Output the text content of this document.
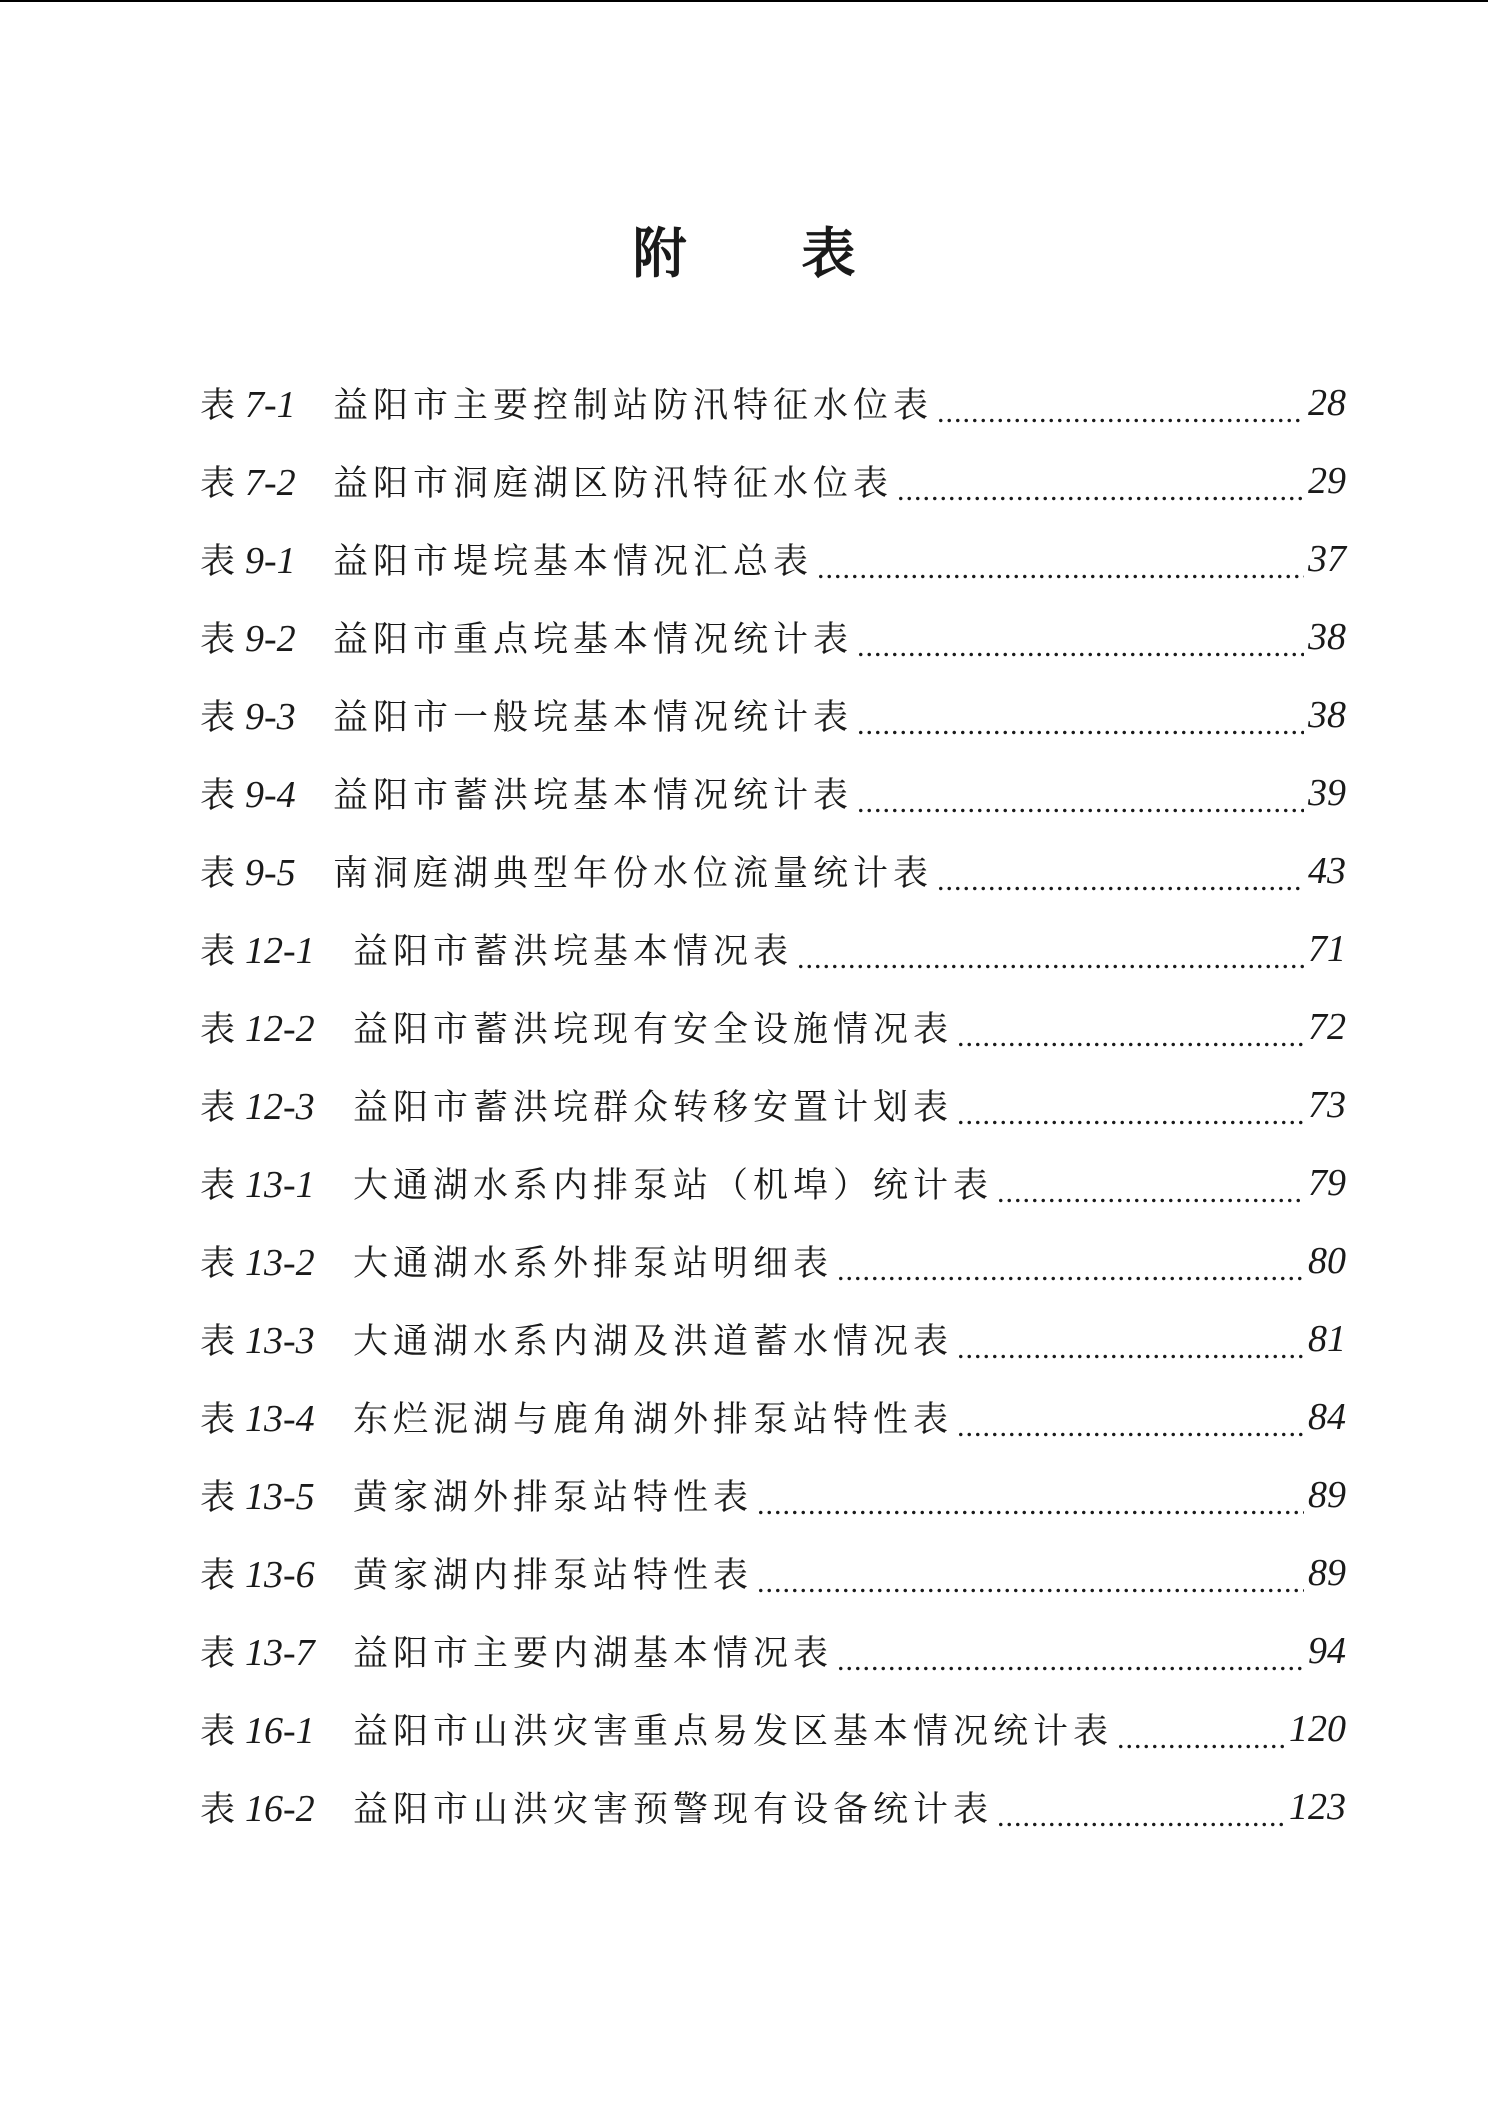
附 表
表 7-1	益阳市主要控制站防汛特征水位表 .....	28
表 7-2	益阳市洞庭湖区防汛特征水位表 .....	29
表 9-1	益阳市堤垸基本情况汇总表 .....	37
表 9-2	益阳市重点垸基本情况统计表 .....	38
表 9-3	益阳市一般垸基本情况统计表 .....	38
表 9-4	益阳市蓄洪垸基本情况统计表 .....	39
表 9-5	南洞庭湖典型年份水位流量统计表 .....	43
表 12-1	益阳市蓄洪垸基本情况表 .....	71
表 12-2	益阳市蓄洪垸现有安全设施情况表 .....	72
表 12-3	益阳市蓄洪垸群众转移安置计划表 .....	73
表 13-1	大通湖水系内排泵站（机埠）统计表 .....	79
表 13-2	大通湖水系外排泵站明细表 .....	80
表 13-3	大通湖水系内湖及洪道蓄水情况表 .....	81
表 13-4	东烂泥湖与鹿角湖外排泵站特性表 .....	84
表 13-5	黄家湖外排泵站特性表 .....	89
表 13-6	黄家湖内排泵站特性表 .....	89
表 13-7	益阳市主要内湖基本情况表 .....	94
表 16-1	益阳市山洪灾害重点易发区基本情况统计表 .....	120
表 16-2	益阳市山洪灾害预警现有设备统计表 .....	123
